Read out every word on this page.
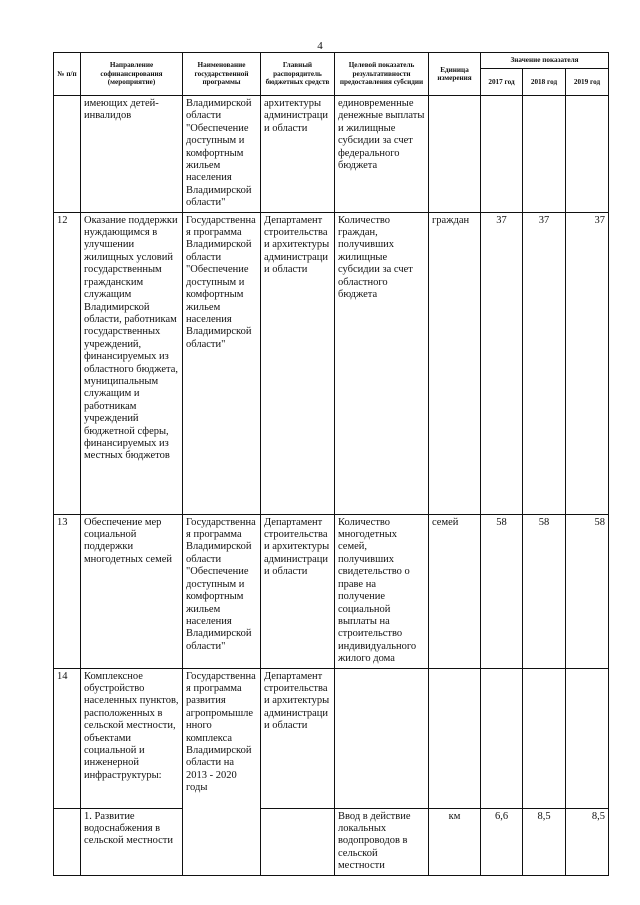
4
№ п/п	Направление софинансирования (мероприятие)	Наименование государственной программы	Главный распорядитель бюджетных средств	Целевой показатель результативности предоставления субсидии	Единица измерения	Значение показателя		
						2017 год	2018 год	2019 год
	имеющих детей-инвалидов	Владимирской области "Обеспечение доступным и комфортным жильем населения Владимирской области"	архитектуры администрации области	единовременные денежные выплаты и жилищные субсидии за счет федерального бюджета				
12	Оказание поддержки нуждающимся в улучшении жилищных условий государственным гражданским служащим Владимирской области, работникам государственных учреждений, финансируемых из областного бюджета, муниципальным служащим и работникам учреждений бюджетной сферы, финансируемых из местных бюджетов	Государственная программа Владимирской области "Обеспечение доступным и комфортным жильем населения Владимирской области"	Департамент строительства и архитектуры администрации области	Количество граждан, получивших жилищные субсидии за счет областного бюджета	граждан	37	37	37
13	Обеспечение мер социальной поддержки многодетных семей	Государственная программа Владимирской области "Обеспечение доступным и комфортным жильем населения Владимирской области"	Департамент строительства и архитектуры администрации области	Количество многодетных семей, получивших свидетельство о праве на получение социальной выплаты на строительство индивидуального жилого дома	семей	58	58	58
14	Комплексное обустройство населенных пунктов, расположенных в сельской местности, объектами социальной и инженерной инфраструктуры:	Государственная программа развития агропромышленного комплекса Владимирской области на 2013 - 2020 годы	Департамент строительства и архитектуры администрации области					
	1. Развитие водоснабжения в сельской местности			Ввод в действие локальных водопроводов в сельской местности	км	6,6	8,5	8,5
